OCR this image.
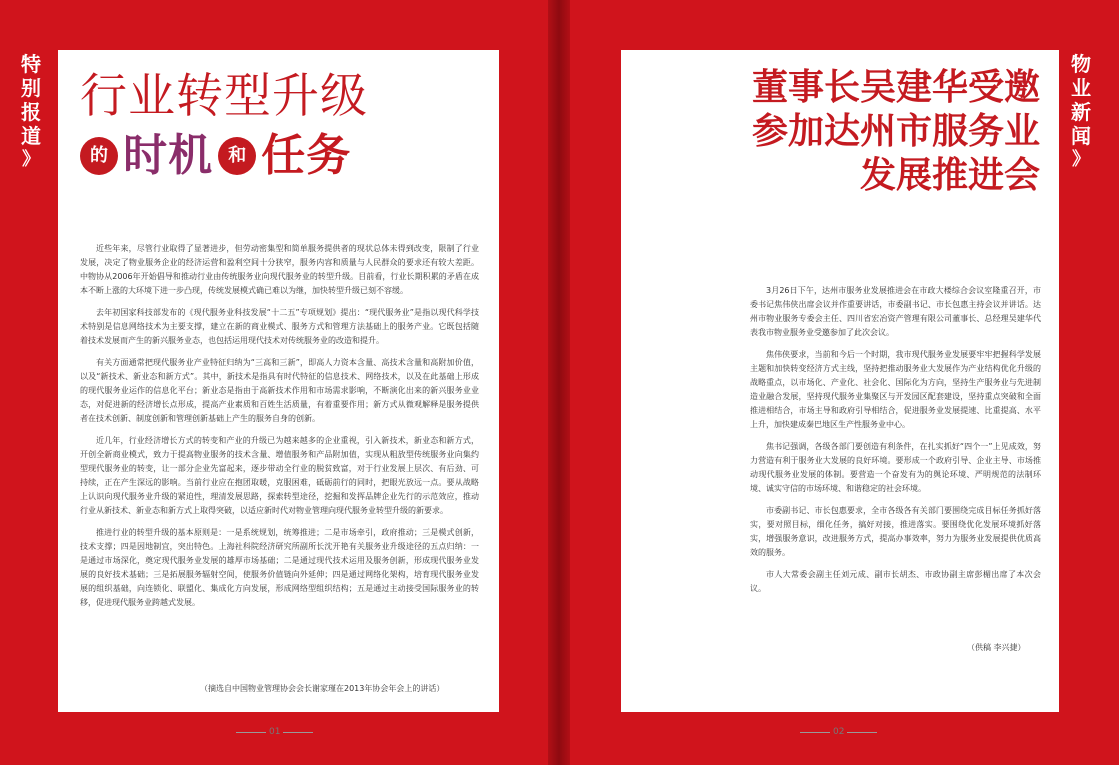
特
别
报
道
》
物
业
新
闻
》
行业转型升级
的 时机 和 任务
董事长吴建华受邀
参加达州市服务业
发展推进会

近些年来，尽管行业取得了显著进步，但劳动密集型和简单服务提供者的现状总体未得到改变，限制了行业发展，决定了物业服务企业的经济运营和盈利空间十分狭窄，服务内容和质量与人民群众的要求还有较大差距。中物协从2006年开始倡导和推动行业由传统服务业向现代服务业的转型升级。目前看，行业长期积累的矛盾在成本不断上涨的大环境下进一步凸现，传统发展模式确已难以为继，加快转型升级已刻不容缓。

去年初国家科技部发布的《现代服务业科技发展“十二五”专项规划》提出：“现代服务业”是指以现代科学技术特别是信息网络技术为主要支撑，建立在新的商业模式、服务方式和管理方法基础上的服务产业。它既包括随着技术发展而产生的新兴服务业态，也包括运用现代技术对传统服务业的改造和提升。

有关方面通常把现代服务业产业特征归纳为“三高和三新”，即高人力资本含量、高技术含量和高附加价值，以及“新技术、新业态和新方式”。其中，新技术是指具有时代特征的信息技术、网络技术，以及在此基础上形成的现代服务业运作的信息化平台；新业态是指由于高新技术作用和市场需求影响，不断演化出来的新兴服务业业态，对促进新的经济增长点形成，提高产业素质和百姓生活质量，有着重要作用；新方式从微观解释是服务提供者在技术创新、制度创新和管理创新基础上产生的服务自身的创新。

近几年，行业经济增长方式的转变和产业的升级已为越来越多的企业重视，引入新技术，新业态和新方式，开创全新商业模式，致力于提高物业服务的技术含量、增值服务和产品附加值，实现从粗放型传统服务业向集约型现代服务业的转变，让一部分企业先富起来，逐步带动全行业的脱贫致富，对于行业发展上层次、有后劲、可持续，正在产生深远的影响。当前行业应在抱团取暖，克服困难，砥砺前行的同时，把眼光放远一点。要从战略上认识向现代服务业升级的紧迫性，理清发展思路，探索转型途径，挖掘和发挥品牌企业先行的示范效应，推动行业从新技术、新业态和新方式上取得突破，以适应新时代对物业管理向现代服务业转型升级的新要求。

推进行业的转型升级的基本原则是：一是系统规划，统筹推进；二是市场牵引，政府推动；三是模式创新，技术支撑；四是因地制宜，突出特色。上海社科院经济研究所副所长沈开艳有关服务业升级途径的五点归纳：一是通过市场深化，奠定现代服务业发展的雄厚市场基础；二是通过现代技术运用及服务创新，形成现代服务业发展的良好技术基础；三是拓展服务辐射空间，使服务价值链向外延伸；四是通过网络化架构，培育现代服务业发展的组织基础，向连锁化、联盟化、集成化方向发展，形成网络型组织结构；五是通过主动接受国际服务业的转移，促进现代服务业跨越式发展。

（摘选自中国物业管理协会会长谢家瑾在2013年协会年会上的讲话）

3月26日下午，达州市服务业发展推进会在市政大楼综合会议室隆重召开，市委书记焦伟侠出席会议并作重要讲话，市委副书记、市长包惠主持会议并讲话。达州市物业服务专委会主任、四川省宏冶资产管理有限公司董事长、总经理吴建华代表我市物业服务业受邀参加了此次会议。

焦伟侠要求，当前和今后一个时期，我市现代服务业发展要牢牢把握科学发展主题和加快转变经济方式主线，坚持把推动服务业大发展作为产业结构优化升级的战略重点，以市场化、产业化、社会化、国际化为方向，坚持生产服务业与先进制造业融合发展，坚持现代服务业集聚区与开发园区配套建设，坚持重点突破和全面推进相结合，市场主导和政府引导相结合，促进服务业发展提速、比重提高、水平上升，加快建成秦巴地区生产性服务业中心。

焦书记强调，各级各部门要创造有利条件，在扎实抓好“四个一”上见成效，努力营造有利于服务业大发展的良好环境。要形成一个政府引导、企业主导、市场推动现代服务业发展的体制。要营造一个奋发有为的舆论环境、严明规范的法制环境、诚实守信的市场环境、和谐稳定的社会环境。

市委副书记、市长包惠要求，全市各级各有关部门要围绕完成目标任务抓好落实，要对照目标，细化任务，搞好对接，推进落实。要围绕优化发展环境抓好落实，增强服务意识，改进服务方式，提高办事效率，努力为服务业发展提供优质高效的服务。

市人大常委会副主任刘元成、副市长胡杰、市政协副主席彭楣出席了本次会议。

（供稿 李兴捷）
01	02
